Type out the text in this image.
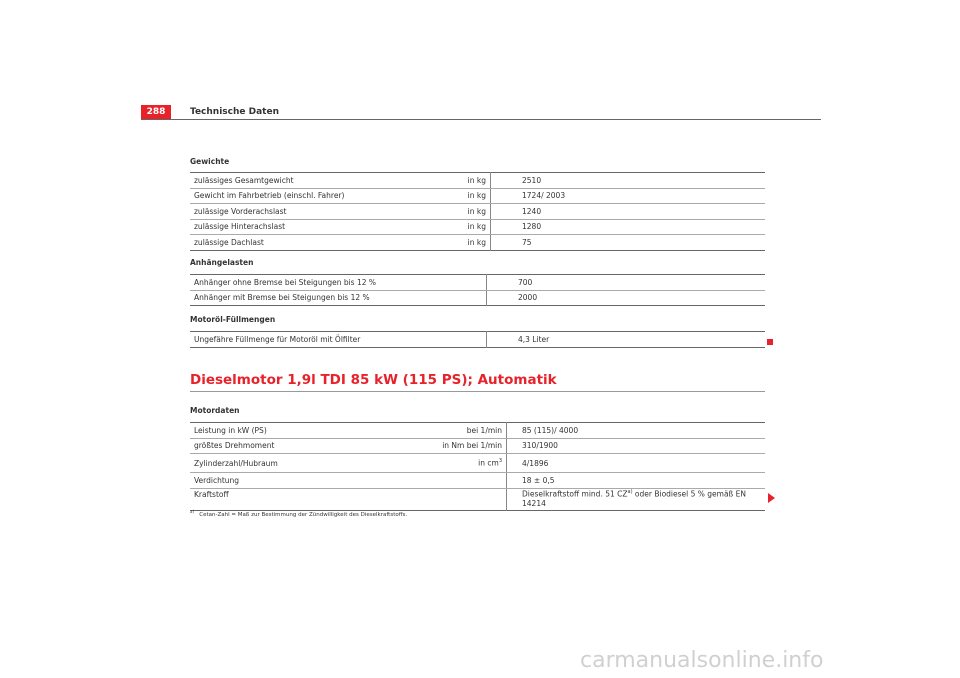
288	Technische Daten
Gewichte
zulässiges Gesamtgewicht	in kg	2510
Gewicht im Fahrbetrieb (einschl. Fahrer)	in kg	1724/ 2003
zulässige Vorderachslast	in kg	1240
zulässige Hinterachslast	in kg	1280
zulässige Dachlast	in kg	75
Anhängelasten
Anhänger ohne Bremse bei Steigungen bis 12 %	700
Anhänger mit Bremse bei Steigungen bis 12 %	2000
Motoröl-Füllmengen
Ungefähre Füllmenge für Motoröl mit Ölfilter	4,3 Liter
Dieselmotor 1,9l TDI 85 kW (115 PS); Automatik
Motordaten
Leistung in kW (PS)	bei 1/min	85 (115)/ 4000
größtes Drehmoment	in Nm bei 1/min	310/1900
Zylinderzahl/Hubraum	in $cm^3$	4/1896
Verdichtung		18 ± 0,5
Kraftstoff		Dieselkraftstoff mind. 51 CZ$^{a)}$ oder Biodiesel 5 % gemäß EN 14214
$^{a)}$   Cetan-Zahl = Maß zur Bestimmung der Zündwilligkeit des Dieselkraftstoffs.
carmanualsonline.info
